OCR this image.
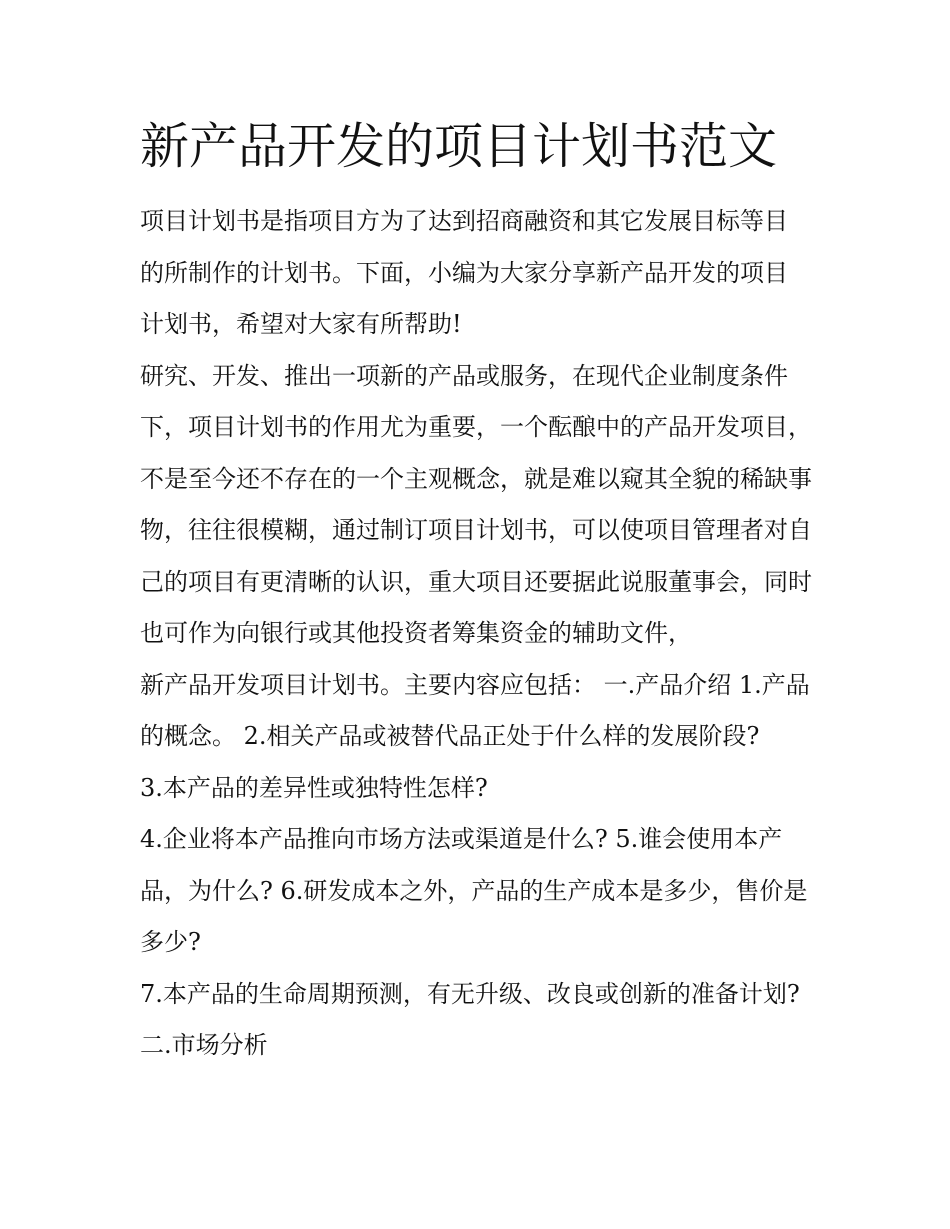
新产品开发的项目计划书范文

项目计划书是指项目方为了达到招商融资和其它发展目标等目的所制作的计划书。下面，小编为大家分享新产品开发的项目计划书，希望对大家有所帮助!

研究、开发、推出一项新的产品或服务，在现代企业制度条件下，项目计划书的作用尤为重要，一个酝酿中的产品开发项目，不是至今还不存在的一个主观概念，就是难以窥其全貌的稀缺事物，往往很模糊，通过制订项目计划书，可以使项目管理者对自己的项目有更清晰的认识，重大项目还要据此说服董事会，同时也可作为向银行或其他投资者筹集资金的辅助文件，

新产品开发项目计划书。主要内容应包括： 一.产品介绍 1.产品的概念。 2.相关产品或被替代品正处于什么样的发展阶段?

3.本产品的差异性或独特性怎样?

4.企业将本产品推向市场方法或渠道是什么? 5.谁会使用本产品，为什么? 6.研发成本之外，产品的生产成本是多少，售价是多少?

7.本产品的生命周期预测，有无升级、改良或创新的准备计划? 二.市场分析
